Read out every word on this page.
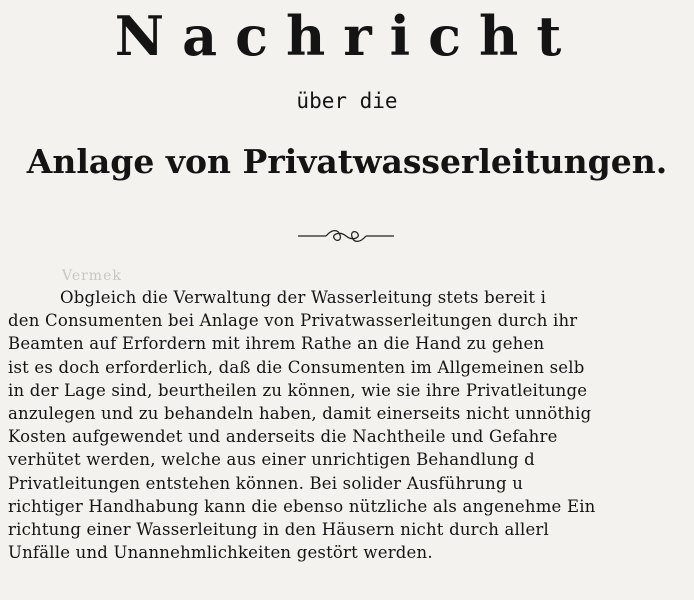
Nachricht
über die
Anlage von Privatwasserleitungen.
Vermek
Obgleich die Verwaltung der Wasserleitung stets bereit i
den Consumenten bei Anlage von Privatwasserleitungen durch ihr
Beamten auf Erfordern mit ihrem Rathe an die Hand zu gehen
ist es doch erforderlich, daß die Consumenten im Allgemeinen selb
in der Lage sind, beurtheilen zu können, wie sie ihre Privatleitunge
anzulegen und zu behandeln haben, damit einerseits nicht unnöthig
Kosten aufgewendet und anderseits die Nachtheile und Gefahre
verhütet werden, welche aus einer unrichtigen Behandlung d
Privatleitungen entstehen können. Bei solider Ausführung u
richtiger Handhabung kann die ebenso nützliche als angenehme Ein
richtung einer Wasserleitung in den Häusern nicht durch allerl
Unfälle und Unannehmlichkeiten gestört werden.
